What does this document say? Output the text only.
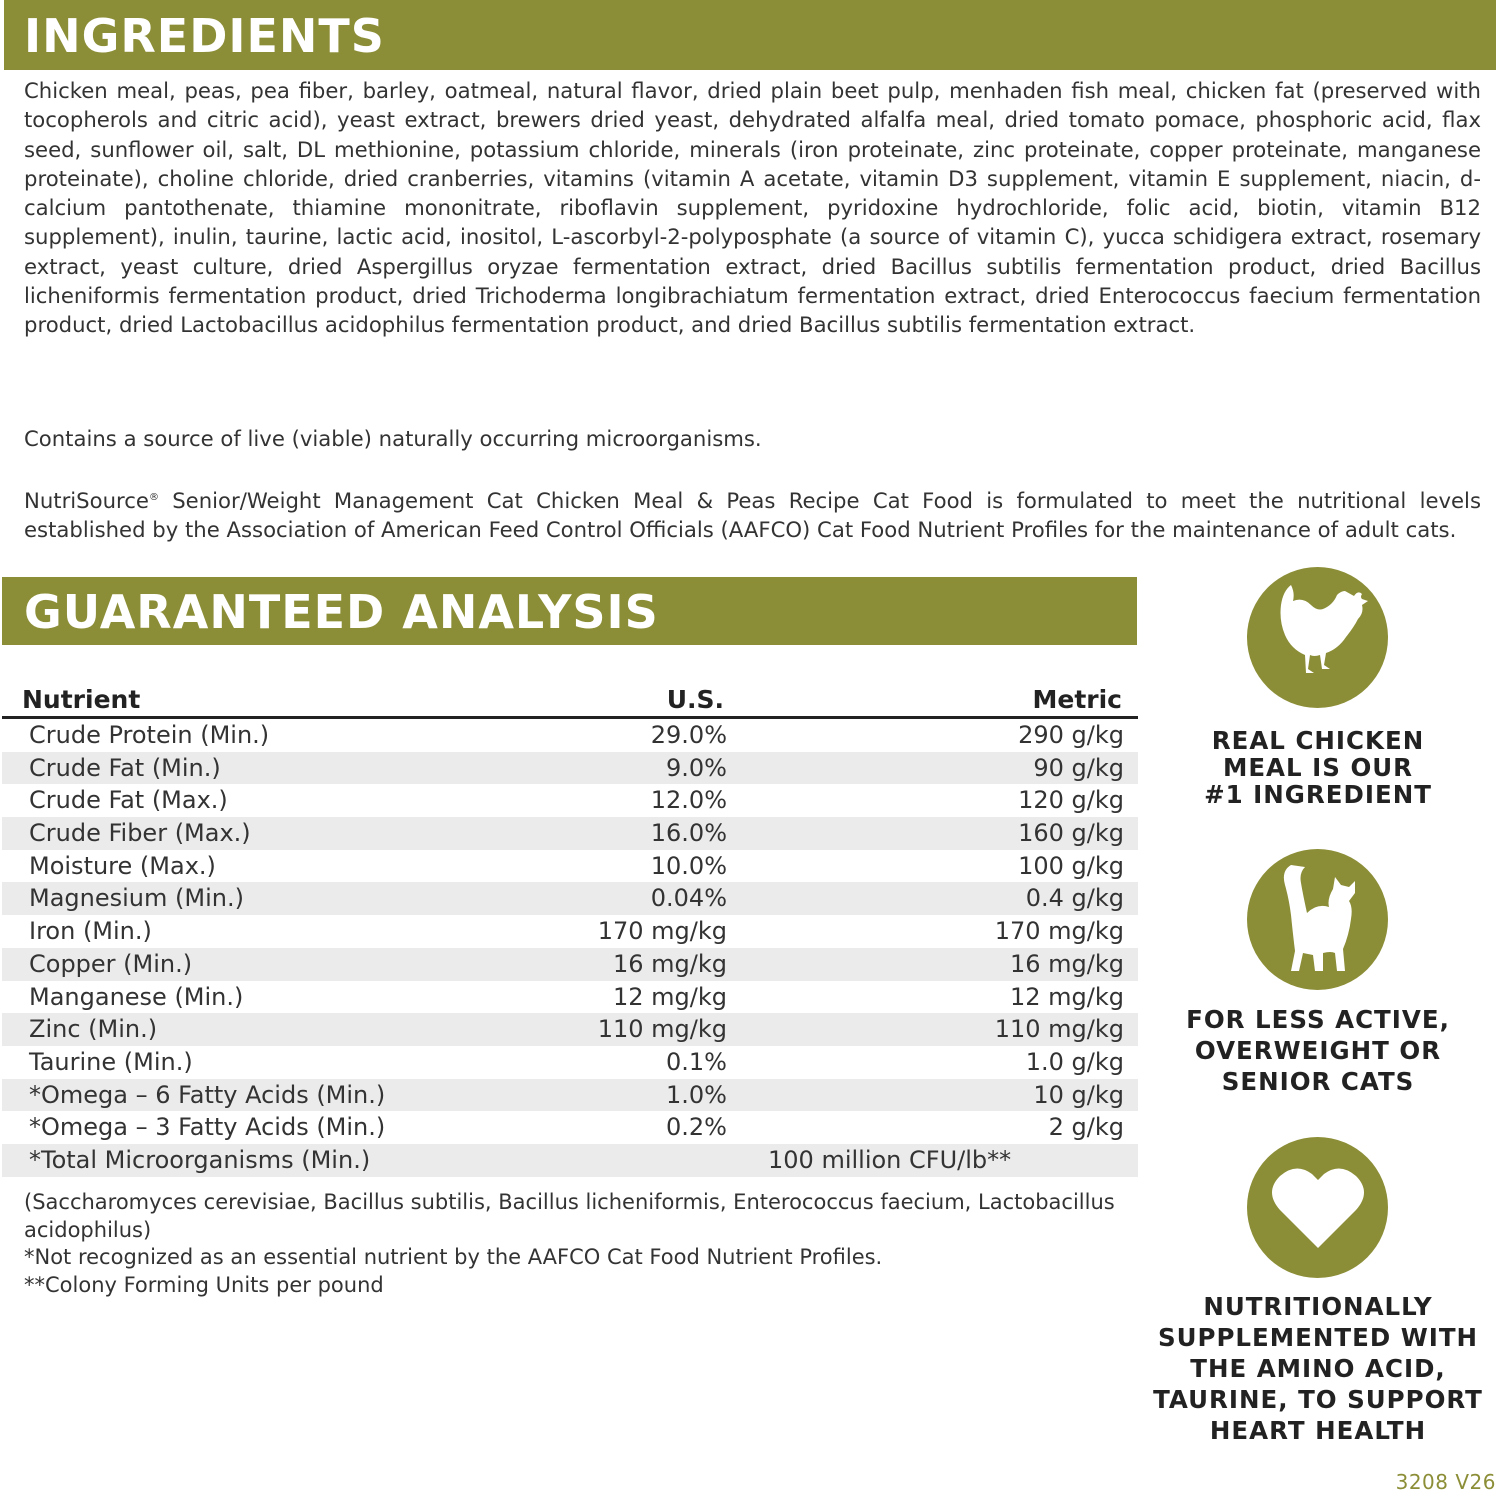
INGREDIENTS

Chicken meal, peas, pea fiber, barley, oatmeal, natural flavor, dried plain beet pulp, menhaden fish meal, chicken fat (preserved with tocopherols and citric acid), yeast extract, brewers dried yeast, dehydrated alfalfa meal, dried tomato pomace, phosphoric acid, flax seed, sunflower oil, salt, DL methionine, potassium chloride, minerals (iron proteinate, zinc proteinate, copper proteinate, manganese proteinate), choline chloride, dried cranberries, vitamins (vitamin A acetate, vitamin D3 supplement, vitamin E supplement, niacin, d-calcium pantothenate, thiamine mononitrate, riboflavin supplement, pyridoxine hydrochloride, folic acid, biotin, vitamin B12 supplement), inulin, taurine, lactic acid, inositol, L-ascorbyl-2-polyposphate (a source of vitamin C), yucca schidigera extract, rosemary extract, yeast culture, dried Aspergillus oryzae fermentation extract, dried Bacillus subtilis fermentation product, dried Bacillus licheniformis fermentation product, dried Trichoderma longibrachiatum fermentation extract, dried Enterococcus faecium fermentation product, dried Lactobacillus acidophilus fermentation product, and dried Bacillus subtilis fermentation extract.

Contains a source of live (viable) naturally occurring microorganisms.

NutriSource® Senior/Weight Management Cat Chicken Meal & Peas Recipe Cat Food is formulated to meet the nutritional levels established by the Association of American Feed Control Officials (AAFCO) Cat Food Nutrient Profiles for the maintenance of adult cats.

GUARANTEED ANALYSIS
Nutrient	U.S.	Metric
Crude Protein (Min.)	29.0%	290 g/kg
Crude Fat (Min.)	9.0%	90 g/kg
Crude Fat (Max.)	12.0%	120 g/kg
Crude Fiber (Max.)	16.0%	160 g/kg
Moisture (Max.)	10.0%	100 g/kg
Magnesium (Min.)	0.04%	0.4 g/kg
Iron (Min.)	170 mg/kg	170 mg/kg
Copper (Min.)	16 mg/kg	16 mg/kg
Manganese (Min.)	12 mg/kg	12 mg/kg
Zinc (Min.)	110 mg/kg	110 mg/kg
Taurine (Min.)	0.1%	1.0 g/kg
*Omega – 6 Fatty Acids (Min.)	1.0%	10 g/kg
*Omega – 3 Fatty Acids (Min.)	0.2%	2 g/kg
*Total Microorganisms (Min.)	100 million CFU/lb**

(Saccharomyces cerevisiae, Bacillus subtilis, Bacillus licheniformis, Enterococcus faecium, Lactobacillus acidophilus)

*Not recognized as an essential nutrient by the AAFCO Cat Food Nutrient Profiles.

**Colony Forming Units per pound

REAL CHICKEN
MEAL IS OUR
#1 INGREDIENT

FOR LESS ACTIVE,
OVERWEIGHT OR
SENIOR CATS

NUTRITIONALLY
SUPPLEMENTED WITH
THE AMINO ACID,
TAURINE, TO SUPPORT
HEART HEALTH

3208 V26
